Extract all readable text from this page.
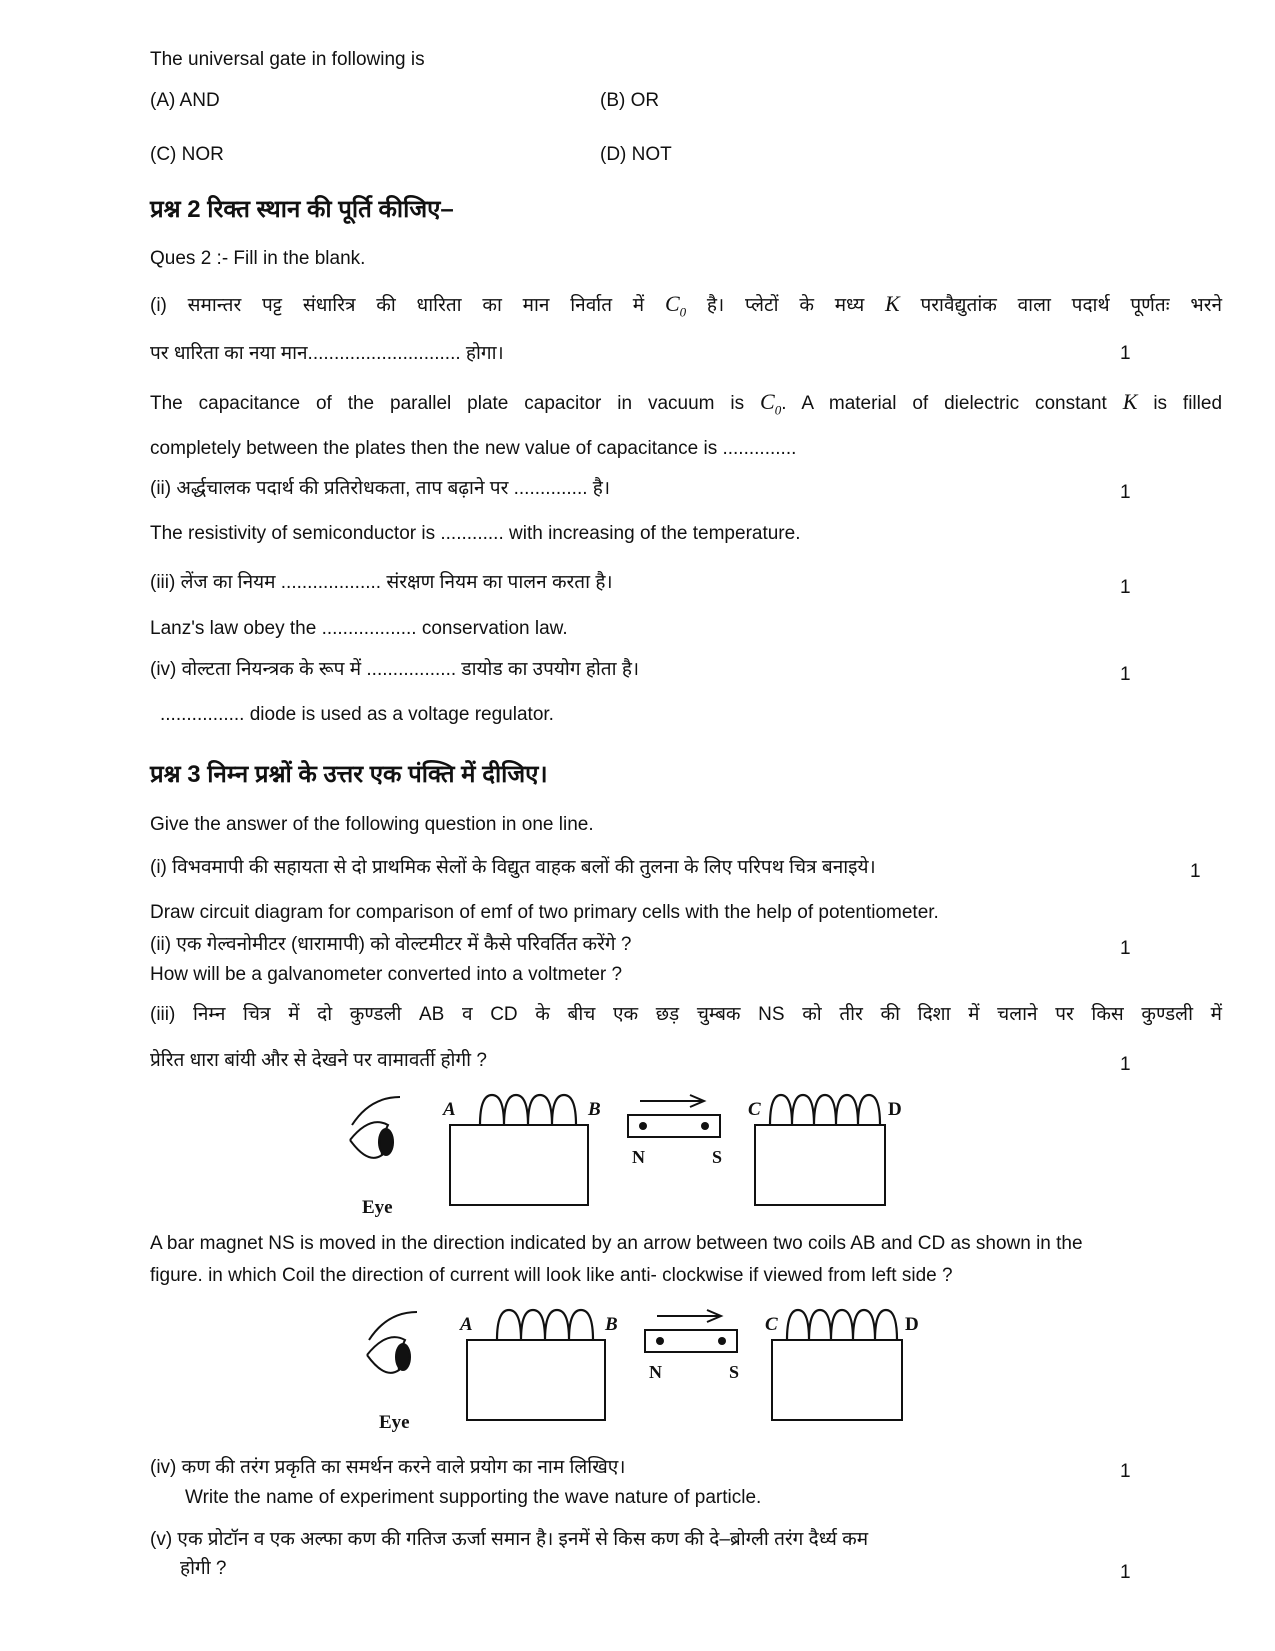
The universal gate in following is
(A) AND	(B) OR
(C) NOR	(D) NOT
प्रश्न 2 रिक्त स्थान की पूर्ति कीजिए–
Ques 2 :- Fill in the blank.
(i) समान्तर पट्ट संधारित्र की धारिता का मान निर्वात में $C_0$ है। प्लेटों के मध्य K परावैद्युतांक वाला पदार्थ पूर्णतः भरने
पर धारिता का नया मान............................. होगा।	1
The capacitance of the parallel plate capacitor in vacuum is $C_0$. A material of dielectric constant K is filled
completely between the plates then the new value of capacitance is ..............
(ii) अर्द्धचालक पदार्थ की प्रतिरोधकता, ताप बढ़ाने पर .............. है।	1
The resistivity of semiconductor is ............ with increasing of the temperature.
(iii) लेंज का नियम ................... संरक्षण नियम का पालन करता है।	1
Lanz's law obey the .................. conservation law.
(iv) वोल्टता नियन्त्रक के रूप में ................. डायोड का उपयोग होता है।	1
................ diode is used as a voltage regulator.
प्रश्न 3 निम्न प्रश्नों के उत्तर एक पंक्ति में दीजिए।
Give the answer of the following question in one line.
(i) विभवमापी की सहायता से दो प्राथमिक सेलों के विद्युत वाहक बलों की तुलना के लिए परिपथ चित्र बनाइये।	1
Draw circuit diagram for comparison of emf of two primary cells with the help of potentiometer.
(ii) एक गेल्वनोमीटर (धारामापी) को वोल्टमीटर में कैसे परिवर्तित करेंगे ?	1
How will be a galvanometer converted into a voltmeter ?
(iii) निम्न चित्र में दो कुण्डली AB व CD के बीच एक छड़ चुम्बक NS को तीर की दिशा में चलाने पर किस कुण्डली में
प्रेरित धारा बांयी और से देखने पर वामावर्ती होगी ?	1
A	B	C	D
N	S
Eye
A bar magnet NS is moved in the direction indicated by an arrow between two coils AB and CD as shown in the
figure. in which Coil the direction of current will look like anti- clockwise if viewed from left side ?
A	B	C	D
N	S
Eye
(iv) कण की तरंग प्रकृति का समर्थन करने वाले प्रयोग का नाम लिखिए।	1
Write the name of experiment supporting the wave nature of particle.
(v) एक प्रोटॉन व एक अल्फा कण की गतिज ऊर्जा समान है। इनमें से किस कण की दे–ब्रोग्ली तरंग दैर्ध्य कम
होगी ?	1
